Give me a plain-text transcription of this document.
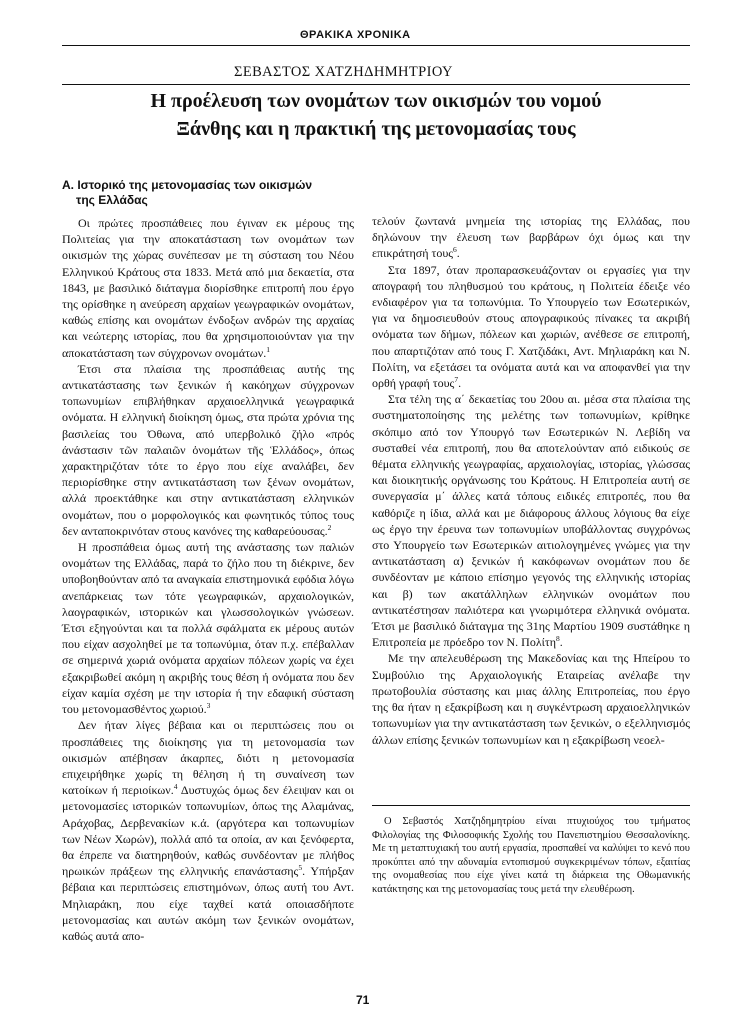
ΘΡΑΚΙΚΑ ΧΡΟΝΙΚΑ
ΣΕΒΑΣΤΟΣ ΧΑΤΖΗΔΗΜΗΤΡΙΟΥ
Η προέλευση των ονομάτων των οικισμών του νομού
Ξάνθης και η πρακτική της μετονομασίας τους
Α. Ιστορικό της μετονομασίας των οικισμών
της Ελλάδας

Οι πρώτες προσπάθειες που έγιναν εκ μέρους της Πολιτείας για την αποκατάσταση των ονομάτων των οικισμών της χώρας συνέπεσαν με τη σύσταση του Νέου Ελληνικού Κράτους στα 1833. Μετά από μια δεκαετία, στα 1843, με βασιλικό διάταγμα διορίσθηκε επιτροπή που έργο της ορίσθηκε η ανεύρεση αρχαίων γεωγραφικών ονομάτων, καθώς επίσης και ονομάτων ένδοξων ανδρών της αρχαίας και νεώτερης ιστορίας, που θα χρησιμοποιούνταν για την αποκατάσταση των σύγχρονων ονομάτων.$^1$

Έτσι στα πλαίσια της προσπάθειας αυτής της αντικατάστασης των ξενικών ή κακόηχων σύγχρονων τοπωνυμίων επιβλήθηκαν αρχαιοελληνικά γεωγραφικά ονόματα. Η ελληνική διοίκηση όμως, στα πρώτα χρόνια της βασιλείας του Όθωνα, από υπερβολικό ζήλο «πρός άνάστασιν τῶν παλαιῶν ὀνομάτων τῆς Ἑλλάδος», όπως χαρακτηριζόταν τότε το έργο που είχε αναλάβει, δεν περιορίσθηκε στην αντικατάσταση των ξένων ονομάτων, αλλά προεκτάθηκε και στην αντικατάσταση ελληνικών ονομάτων, που ο μορφολογικός και φωνητικός τύπος τους δεν ανταποκρινόταν στους κανόνες της καθαρεύουσας.$^2$

Η προσπάθεια όμως αυτή της ανάστασης των παλιών ονομάτων της Ελλάδας, παρά το ζήλο που τη διέκρινε, δεν υποβοηθούνταν από τα αναγκαία επιστημονικά εφόδια λόγω ανεπάρκειας των τότε γεωγραφικών, αρχαιολογικών, λαογραφικών, ιστορικών και γλωσσολογικών γνώσεων. Έτσι εξηγούνται και τα πολλά σφάλματα εκ μέρους αυτών που είχαν ασχοληθεί με τα τοπωνύμια, όταν π.χ. επέβαλλαν σε σημερινά χωριά ονόματα αρχαίων πόλεων χωρίς να έχει εξακριβωθεί ακόμη η ακριβής τους θέση ή ονόματα που δεν είχαν καμία σχέση με την ιστορία ή την εδαφική σύσταση του μετονομασθέντος χωριού.$^3$

Δεν ήταν λίγες βέβαια και οι περιπτώσεις που οι προσπάθειες της διοίκησης για τη μετονομασία των οικισμών απέβησαν άκαρπες, διότι η μετονομασία επιχειρήθηκε χωρίς τη θέληση ή τη συναίνεση των κατοίκων ή περιοίκων.$^4$ Δυστυχώς όμως δεν έλειψαν και οι μετονομασίες ιστορικών τοπωνυμίων, όπως της Αλαμάνας, Αράχοβας, Δερβενακίων κ.ά. (αργότερα και τοπωνυμίων των Νέων Χωρών), πολλά από τα οποία, αν και ξενόφερτα, θα έπρεπε να διατηρηθούν, καθώς συνδέονταν με πλήθος ηρωικών πράξεων της ελληνικής επανάστασης$^5$. Υπήρξαν βέβαια και περιπτώσεις επιστημόνων, όπως αυτή του Αντ. Μηλιαράκη, που είχε ταχθεί κατά οποιασδήποτε μετονομασίας και αυτών ακόμη των ξενικών ονομάτων, καθώς αυτά απο-

τελούν ζωντανά μνημεία της ιστορίας της Ελλάδας, που δηλώνουν την έλευση των βαρβάρων όχι όμως και την επικράτησή τους$^6$.

Στα 1897, όταν προπαρασκευάζονταν οι εργασίες για την απογραφή του πληθυσμού του κράτους, η Πολιτεία έδειξε νέο ενδιαφέρον για τα τοπωνύμια. Το Υπουργείο των Εσωτερικών, για να δημοσιευθούν στους απογραφικούς πίνακες τα ακριβή ονόματα των δήμων, πόλεων και χωριών, ανέθεσε σε επιτροπή, που απαρτιζόταν από τους Γ. Χατζιδάκι, Αντ. Μηλιαράκη και Ν. Πολίτη, να εξετάσει τα ονόματα αυτά και να αποφανθεί για την ορθή γραφή τους$^7$.

Στα τέλη της α΄ δεκαετίας του 20ου αι. μέσα στα πλαίσια της συστηματοποίησης της μελέτης των τοπωνυμίων, κρίθηκε σκόπιμο από τον Υπουργό των Εσωτερικών Ν. Λεβίδη να συσταθεί νέα επιτροπή, που θα αποτελούνταν από ειδικούς σε θέματα ελληνικής γεωγραφίας, αρχαιολογίας, ιστορίας, γλώσσας και διοικητικής οργάνωσης του Κράτους. Η Επιτροπεία αυτή σε συνεργασία μ΄ άλλες κατά τόπους ειδικές επιτροπές, που θα καθόριζε η ίδια, αλλά και με διάφορους άλλους λόγιους θα είχε ως έργο την έρευνα των τοπωνυμίων υποβάλλοντας συγχρόνως στο Υπουργείο των Εσωτερικών αιτιολογημένες γνώμες για την αντικατάσταση α) ξενικών ή κακόφωνων ονομάτων που δε συνδέονταν με κάποιο επίσημο γεγονός της ελληνικής ιστορίας και β) των ακατάλληλων ελληνικών ονομάτων που αντικατέστησαν παλιότερα και γνωριμότερα ελληνικά ονόματα. Έτσι με βασιλικό διάταγμα της 31ης Μαρτίου 1909 συστάθηκε η Επιτροπεία με πρόεδρο τον Ν. Πολίτη$^8$.

Με την απελευθέρωση της Μακεδονίας και της Ηπείρου το Συμβούλιο της Αρχαιολογικής Εταιρείας ανέλαβε την πρωτοβουλία σύστασης και μιας άλλης Επιτροπείας, που έργο της θα ήταν η εξακρίβωση και η συγκέντρωση αρχαιοελληνικών τοπωνυμίων για την αντικατάσταση των ξενικών, ο εξελληνισμός άλλων επίσης ξενικών τοπωνυμίων και η εξακρίβωση νεοελ-

Ο Σεβαστός Χατζηδημητρίου είναι πτυχιούχος του τμήματος Φιλολογίας της Φιλοσοφικής Σχολής του Πανεπιστημίου Θεσσαλονίκης. Με τη μεταπτυχιακή του αυτή εργασία, προσπαθεί να καλύψει το κενό που προκύπτει από την αδυναμία εντοπισμού συγκεκριμένων τόπων, εξαιτίας της ονομαθεσίας που είχε γίνει κατά τη διάρκεια της Οθωμανικής κατάκτησης και της μετονομασίας τους μετά την ελευθέρωση.

71
